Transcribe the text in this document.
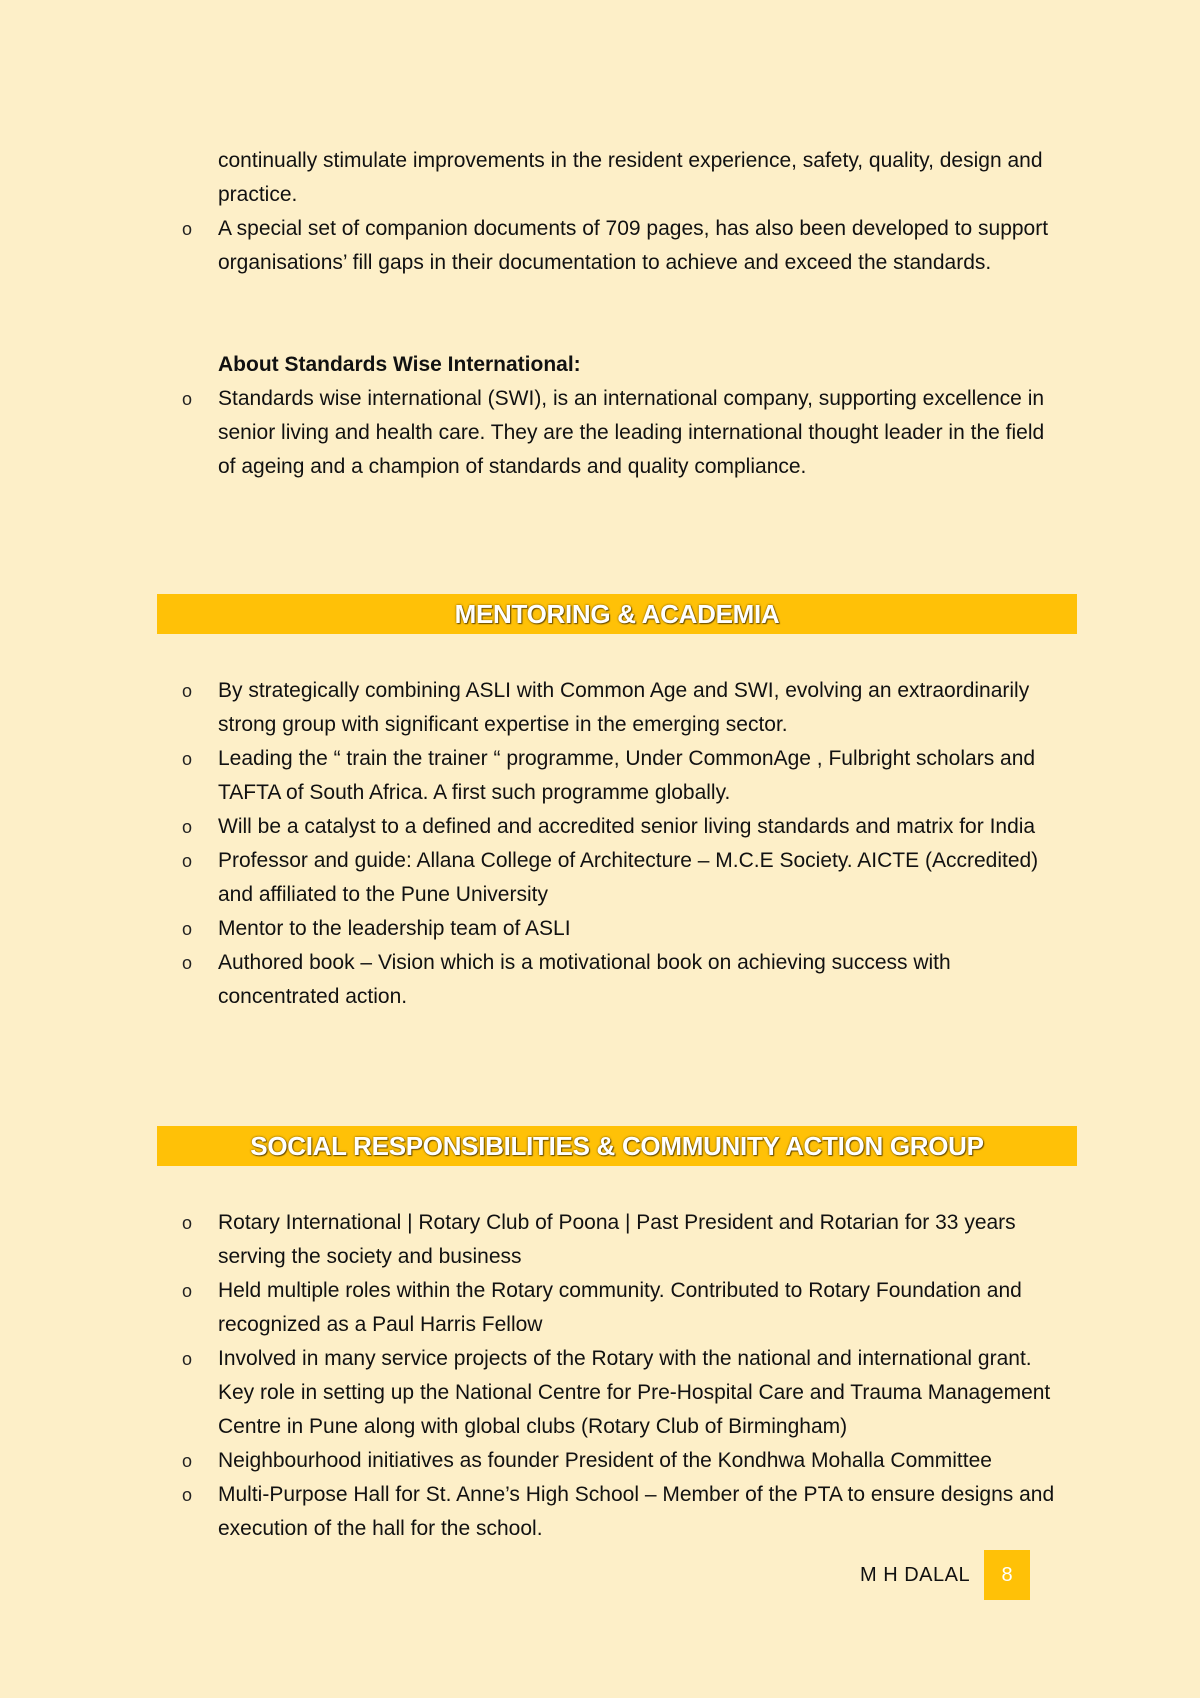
continually stimulate improvements in the resident experience, safety, quality, design and practice.
o A special set of companion documents of 709 pages, has also been developed to support organisations’ fill gaps in their documentation to achieve and exceed the standards.
About Standards Wise International:
o Standards wise international (SWI), is an international company, supporting excellence in senior living and health care. They are the leading international thought leader in the field of ageing and a champion of standards and quality compliance.
MENTORING & ACADEMIA
o By strategically combining ASLI with Common Age and SWI, evolving an extraordinarily strong group with significant expertise in the emerging sector.
o Leading the “ train the trainer “ programme, Under CommonAge , Fulbright scholars and TAFTA of South Africa. A first such programme globally.
o Will be a catalyst to a defined and accredited senior living standards and matrix for India
o Professor and guide: Allana College of Architecture – M.C.E Society. AICTE (Accredited) and affiliated to the Pune University
o Mentor to the leadership team of ASLI
o Authored book – Vision which is a motivational book on achieving success with concentrated action.
SOCIAL RESPONSIBILITIES & COMMUNITY ACTION GROUP
o Rotary International | Rotary Club of Poona | Past President and Rotarian for 33 years serving the society and business
o Held multiple roles within the Rotary community. Contributed to Rotary Foundation and recognized as a Paul Harris Fellow
o Involved in many service projects of the Rotary with the national and international grant. Key role in setting up the National Centre for Pre-Hospital Care and Trauma Management Centre in Pune along with global clubs (Rotary Club of Birmingham)
o Neighbourhood initiatives as founder President of the Kondhwa Mohalla Committee
o Multi-Purpose Hall for St. Anne’s High School – Member of the PTA to ensure designs and execution of the hall for the school.
M H DALAL	8
